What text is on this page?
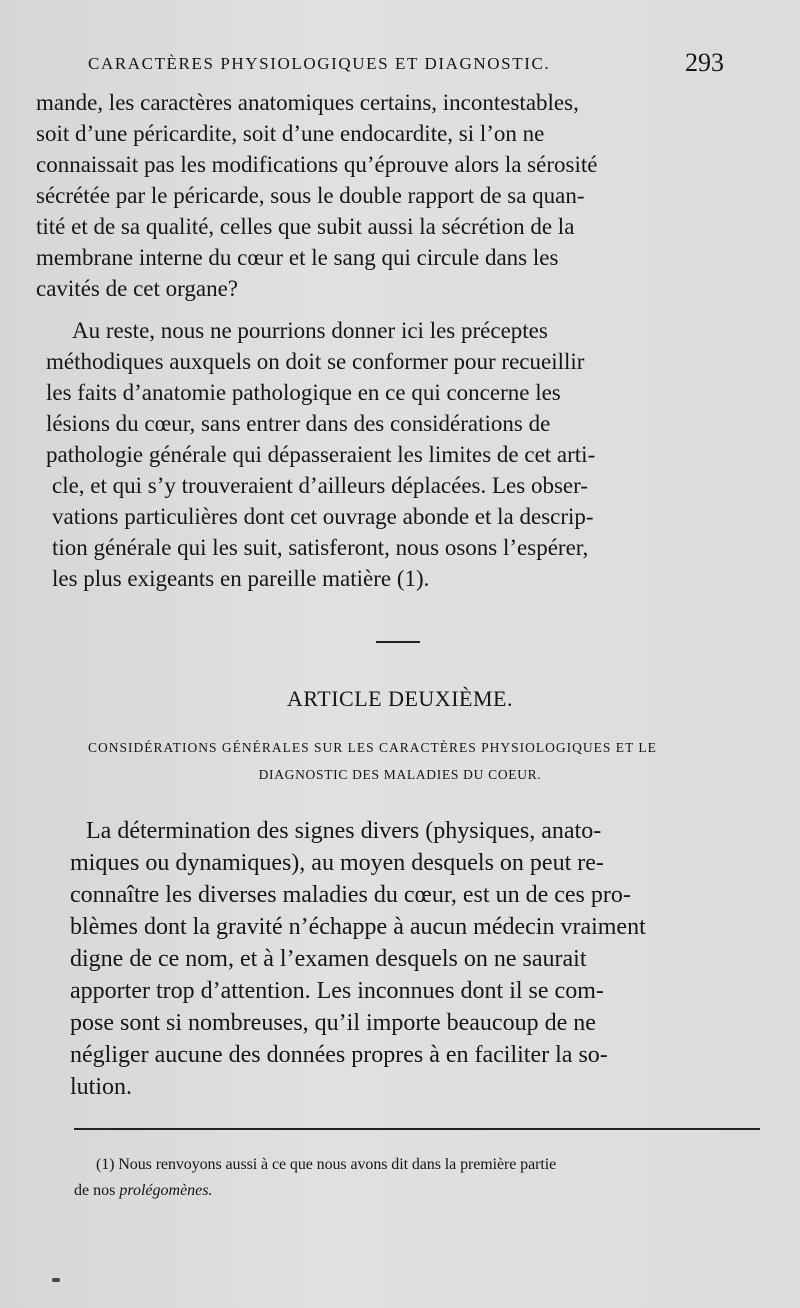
CARACTÈRES PHYSIOLOGIQUES ET DIAGNOSTIC.	293
mande, les caractères anatomiques certains, incontestables,
soit d’une péricardite, soit d’une endocardite, si l’on ne
connaissait pas les modifications qu’éprouve alors la sérosité
sécrétée par le péricarde, sous le double rapport de sa quan-
tité et de sa qualité, celles que subit aussi la sécrétion de la
membrane interne du cœur et le sang qui circule dans les
cavités de cet organe?
Au reste, nous ne pourrions donner ici les préceptes
méthodiques auxquels on doit se conformer pour recueillir
les faits d’anatomie pathologique en ce qui concerne les
lésions du cœur, sans entrer dans des considérations de
pathologie générale qui dépasseraient les limites de cet arti-
cle, et qui s’y trouveraient d’ailleurs déplacées. Les obser-
vations particulières dont cet ouvrage abonde et la descrip-
tion générale qui les suit, satisferont, nous osons l’espérer,
les plus exigeants en pareille matière (1).
ARTICLE DEUXIÈME.
CONSIDÉRATIONS GÉNÉRALES SUR LES CARACTÈRES PHYSIOLOGIQUES ET LE
DIAGNOSTIC DES MALADIES DU COEUR.
La détermination des signes divers (physiques, anato-
miques ou dynamiques), au moyen desquels on peut re-
connaître les diverses maladies du cœur, est un de ces pro-
blèmes dont la gravité n’échappe à aucun médecin vraiment
digne de ce nom, et à l’examen desquels on ne saurait
apporter trop d’attention. Les inconnues dont il se com-
pose sont si nombreuses, qu’il importe beaucoup de ne
négliger aucune des données propres à en faciliter la so-
lution.
(1) Nous renvoyons aussi à ce que nous avons dit dans la première partie
de nos prolégomènes.
